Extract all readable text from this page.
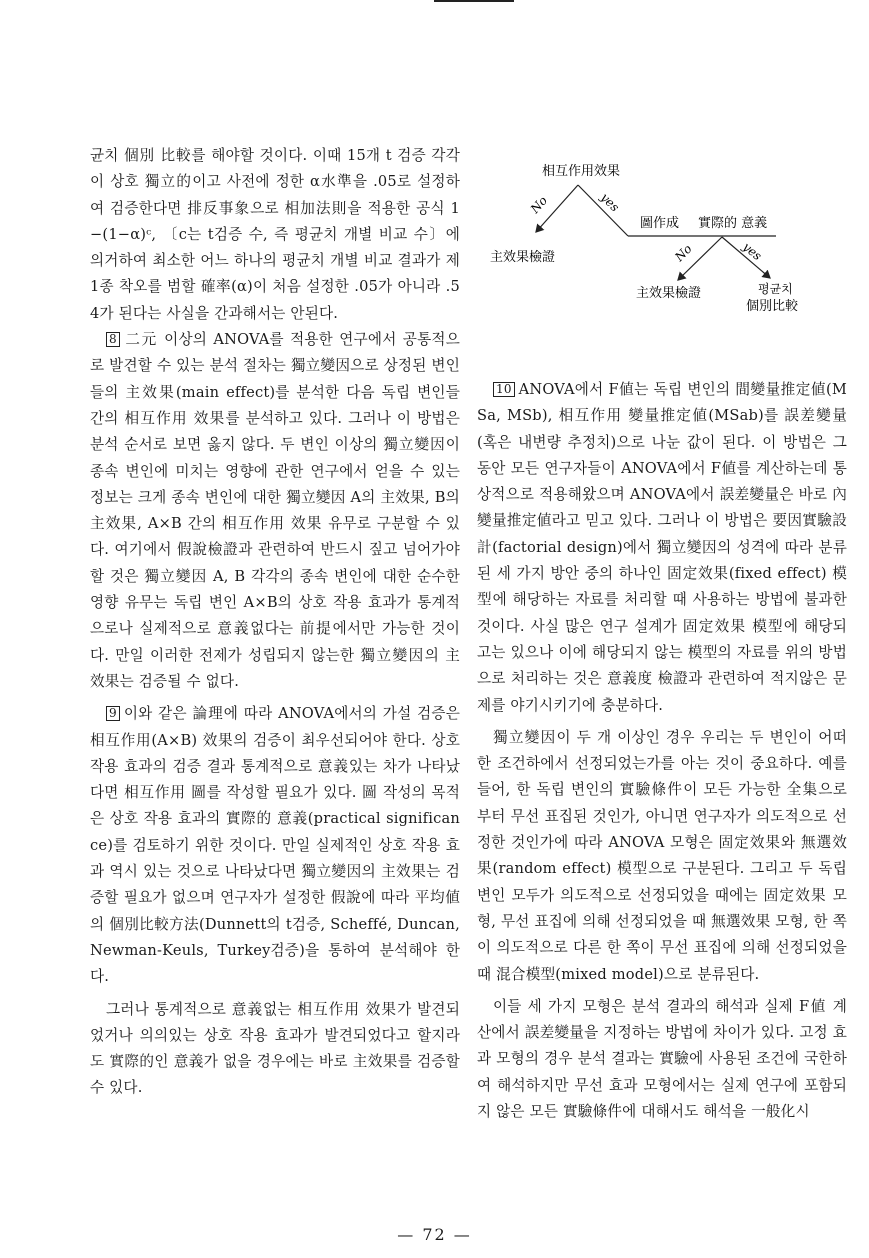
相互作用效果
No	yes
主效果檢證
圖作成 實際的 意義
No	yes
主效果檢證	평균치
個別比較

균치 個別 比較를 해야할 것이다. 이때 15개 t 검증 각각이 상호 獨立的이고 사전에 정한 α水準을 .05로 설정하여 검증한다면 排反事象으로 相加法則을 적용한 공식 1−(1−α)ᶜ, 〔c는 t검증 수, 즉 평균치 개별 비교 수〕에 의거하여 최소한 어느 하나의 평균치 개별 비교 결과가 제 1종 착오를 범할 確率(α)이 처음 설정한 .05가 아니라 .54가 된다는 사실을 간과해서는 안된다.

8 二元 이상의 ANOVA를 적용한 연구에서 공통적으로 발견할 수 있는 분석 절차는 獨立變因으로 상정된 변인들의 主效果(main effect)를 분석한 다음 독립 변인들 간의 相互作用 效果를 분석하고 있다. 그러나 이 방법은 분석 순서로 보면 옳지 않다. 두 변인 이상의 獨立變因이 종속 변인에 미치는 영향에 관한 연구에서 얻을 수 있는 정보는 크게 종속 변인에 대한 獨立變因 A의 主效果, B의 主效果, A×B 간의 相互作用 效果 유무로 구분할 수 있다. 여기에서 假說檢證과 관련하여 반드시 짚고 넘어가야 할 것은 獨立變因 A, B 각각의 종속 변인에 대한 순수한 영향 유무는 독립 변인 A×B의 상호 작용 효과가 통계적으로나 실제적으로 意義없다는 前提에서만 가능한 것이다. 만일 이러한 전제가 성립되지 않는한 獨立變因의 主效果는 검증될 수 없다.

9 이와 같은 論理에 따라 ANOVA에서의 가설 검증은 相互作用(A×B) 效果의 검증이 최우선되어야 한다. 상호 작용 효과의 검증 결과 통계적으로 意義있는 차가 나타났다면 相互作用 圖를 작성할 필요가 있다. 圖 작성의 목적은 상호 작용 효과의 實際的 意義(practical significance)를 검토하기 위한 것이다. 만일 실제적인 상호 작용 효과 역시 있는 것으로 나타났다면 獨立變因의 主效果는 검증할 필요가 없으며 연구자가 설정한 假說에 따라 平均値의 個別比較方法(Dunnett의 t검증, Scheffé, Duncan, Newman-Keuls, Turkey검증)을 통하여 분석해야 한다.

그러나 통계적으로 意義없는 相互作用 效果가 발견되었거나 의의있는 상호 작용 효과가 발견되었다고 할지라도 實際的인 意義가 없을 경우에는 바로 主效果를 검증할 수 있다.

10 ANOVA에서 F値는 독립 변인의 間變量推定値(MSa, MSb), 相互作用 變量推定値(MSab)를 誤差變量(혹은 내변량 추정치)으로 나눈 값이 된다. 이 방법은 그 동안 모든 연구자들이 ANOVA에서 F値를 계산하는데 통상적으로 적용해왔으며 ANOVA에서 誤差變量은 바로 內變量推定値라고 믿고 있다. 그러나 이 방법은 要因實驗設計(factorial design)에서 獨立變因의 성격에 따라 분류된 세 가지 방안 중의 하나인 固定效果(fixed effect) 模型에 해당하는 자료를 처리할 때 사용하는 방법에 불과한 것이다. 사실 많은 연구 설계가 固定效果 模型에 해당되고는 있으나 이에 해당되지 않는 模型의 자료를 위의 방법으로 처리하는 것은 意義度 檢證과 관련하여 적지않은 문제를 야기시키기에 충분하다.

獨立變因이 두 개 이상인 경우 우리는 두 변인이 어떠한 조건하에서 선정되었는가를 아는 것이 중요하다. 예를 들어, 한 독립 변인의 實驗條件이 모든 가능한 全集으로 부터 무선 표집된 것인가, 아니면 연구자가 의도적으로 선정한 것인가에 따라 ANOVA 모형은 固定效果와 無選效果(random effect) 模型으로 구분된다. 그리고 두 독립 변인 모두가 의도적으로 선정되었을 때에는 固定效果 모형, 무선 표집에 의해 선정되었을 때 無選效果 모형, 한 쪽이 의도적으로 다른 한 쪽이 무선 표집에 의해 선정되었을 때 混合模型(mixed model)으로 분류된다.

이들 세 가지 모형은 분석 결과의 해석과 실제 F値 계산에서 誤差變量을 지정하는 방법에 차이가 있다. 고정 효과 모형의 경우 분석 결과는 實驗에 사용된 조건에 국한하여 해석하지만 무선 효과 모형에서는 실제 연구에 포함되지 않은 모든 實驗條件에 대해서도 해석을 一般化시

— 72 —
